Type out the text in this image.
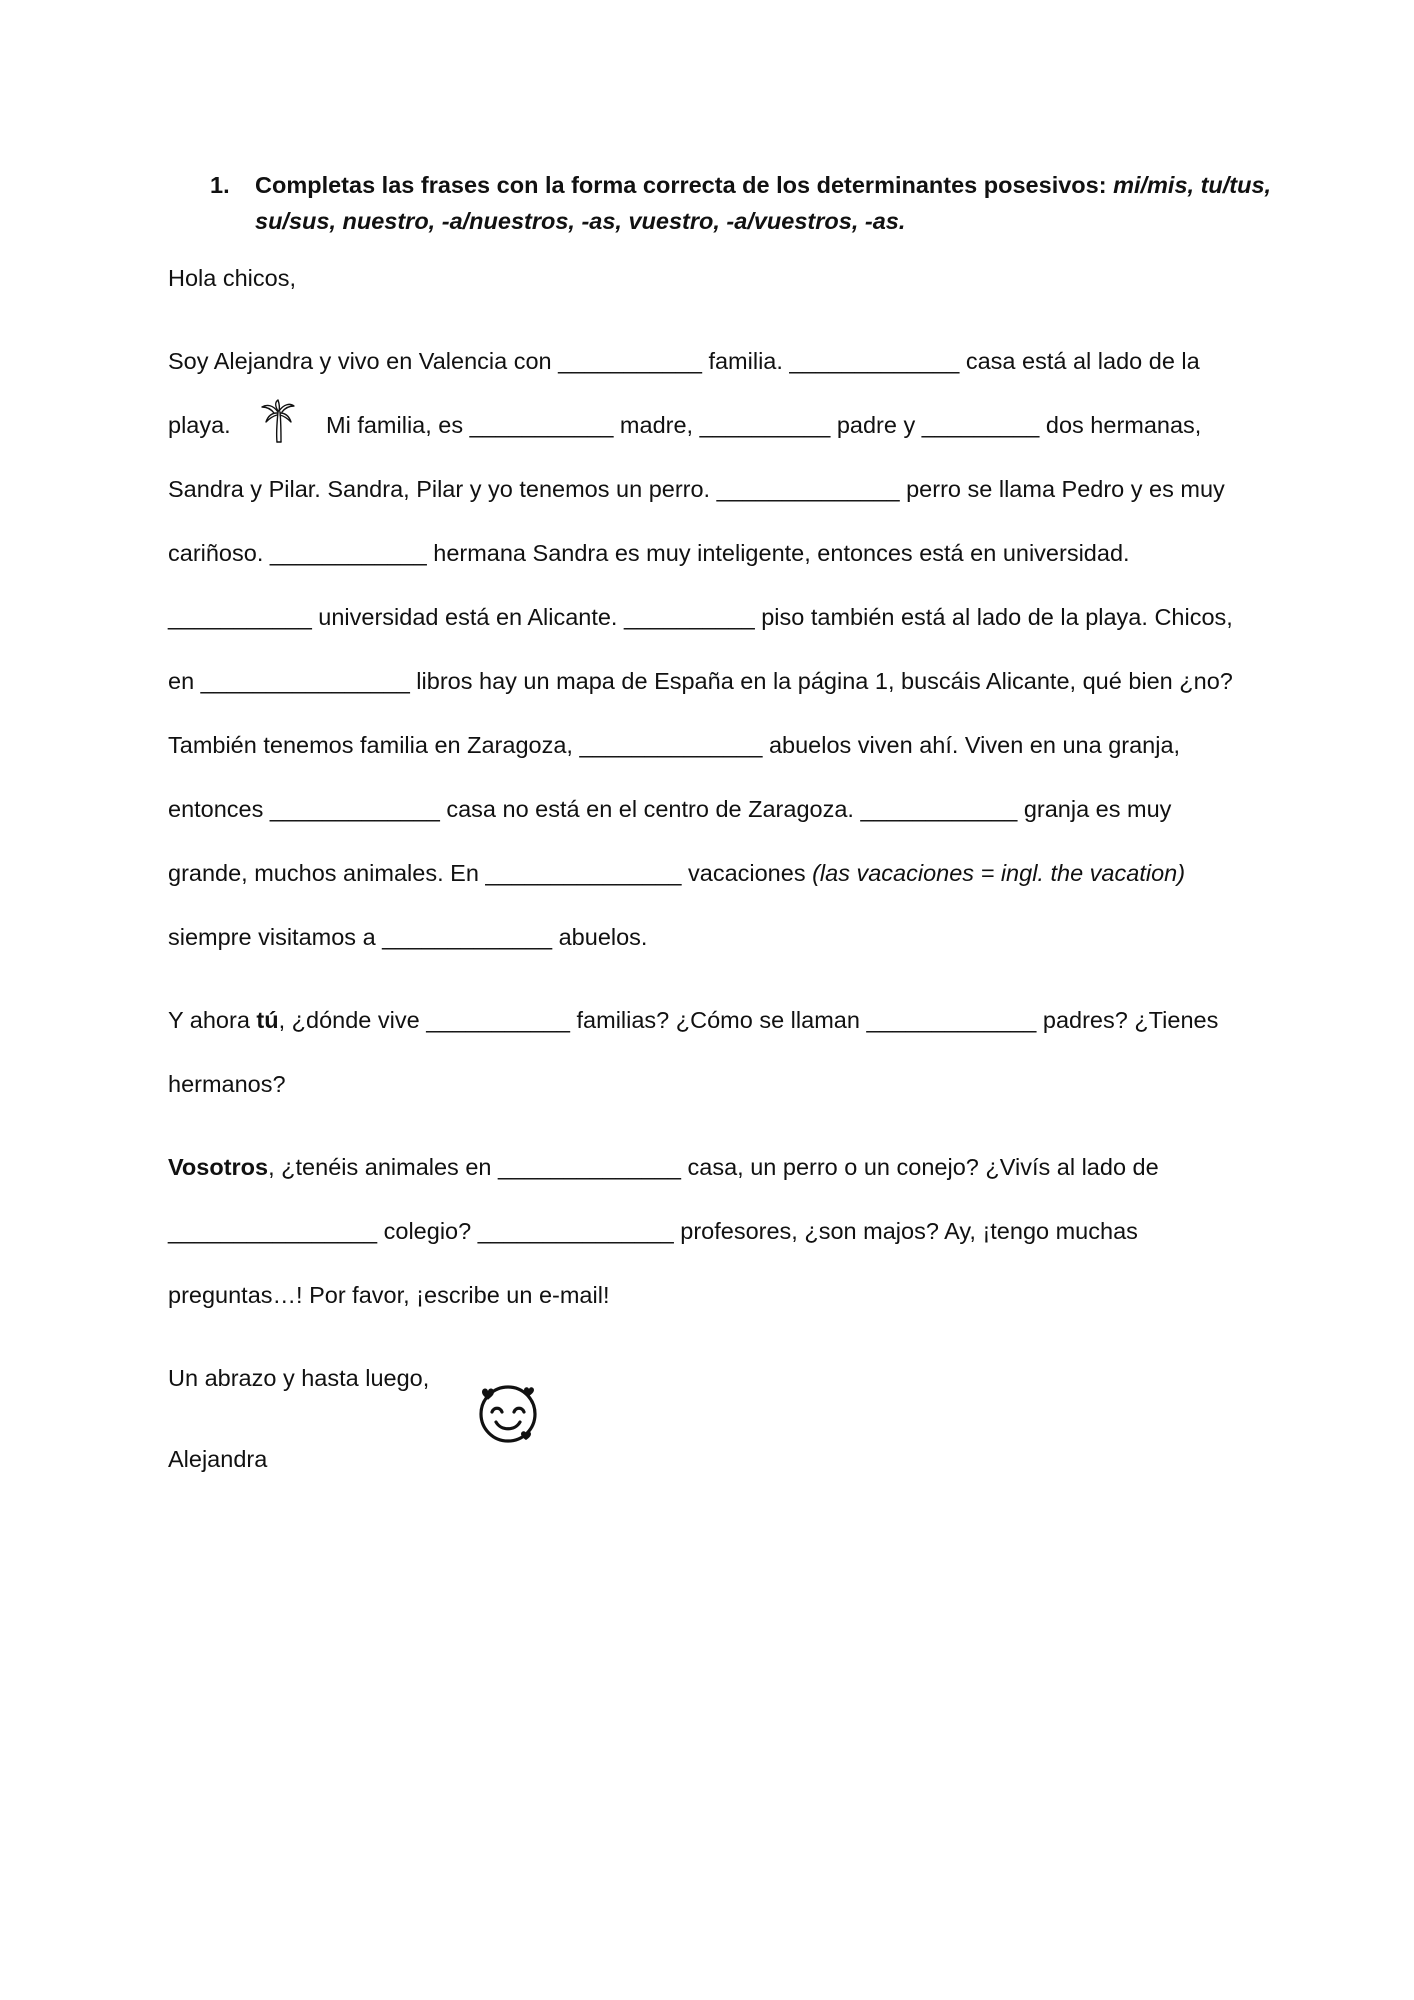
1. Completas las frases con la forma correcta de los determinantes posesivos: mi/mis, tu/tus,
su/sus, nuestro, -a/nuestros, -as, vuestro, -a/vuestros, -as.
Hola chicos,
Soy Alejandra y vivo en Valencia con ___________ familia. _____________ casa está al lado de la
playa.	Mi familia, es ___________ madre, __________ padre y _________ dos hermanas,
Sandra y Pilar. Sandra, Pilar y yo tenemos un perro. ______________ perro se llama Pedro y es muy
cariñoso. ____________ hermana Sandra es muy inteligente, entonces está en universidad.
___________ universidad está en Alicante. __________ piso también está al lado de la playa. Chicos,
en ________________ libros hay un mapa de España en la página 1, buscáis Alicante, qué bien ¿no?
También tenemos familia en Zaragoza, ______________ abuelos viven ahí. Viven en una granja,
entonces _____________ casa no está en el centro de Zaragoza. ____________ granja es muy
grande, muchos animales. En _______________ vacaciones (las vacaciones = ingl. the vacation)
siempre visitamos a _____________ abuelos.
Y ahora tú, ¿dónde vive ___________ familias? ¿Cómo se llaman _____________ padres? ¿Tienes
hermanos?
Vosotros, ¿tenéis animales en ______________ casa, un perro o un conejo? ¿Vivís al lado de
________________ colegio? _______________ profesores, ¿son majos? Ay, ¡tengo muchas
preguntas…! Por favor, ¡escribe un e-mail!
Un abrazo y hasta luego,
Alejandra
